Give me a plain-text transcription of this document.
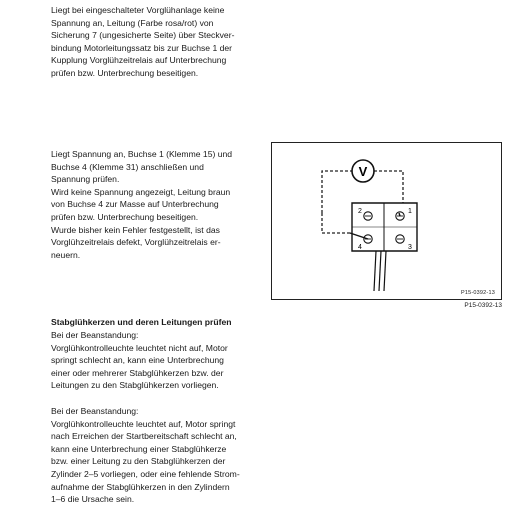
Liegt bei eingeschalteter Vorglühanlage keine
Spannung an, Leitung (Farbe rosa/rot) von
Sicherung 7 (ungesicherte Seite) über Steckver-
bindung Motorleitungssatz bis zur Buchse 1 der
Kupplung Vorglühzeitrelais auf Unterbrechung
prüfen bzw. Unterbrechung beseitigen.

Liegt Spannung an, Buchse 1 (Klemme 15) und
Buchse 4 (Klemme 31) anschließen und
Spannung prüfen.
Wird keine Spannung angezeigt, Leitung braun
von Buchse 4 zur Masse auf Unterbrechung
prüfen bzw. Unterbrechung beseitigen.
Wurde bisher kein Fehler festgestellt, ist das
Vorglühzeitrelais defekt, Vorglühzeitrelais er-
neuern.

Stabglühkerzen und deren Leitungen prüfen

Bei der Beanstandung:
Vorglühkontrolleuchte leuchtet nicht auf, Motor
springt schlecht an, kann eine Unterbrechung
einer oder mehrerer Stabglühkerzen bzw. der
Leitungen zu den Stabglühkerzen vorliegen.

Bei der Beanstandung:
Vorglühkontrolleuchte leuchtet auf, Motor springt
nach Erreichen der Startbereitschaft schlecht an,
kann eine Unterbrechung einer Stabglühkerze
bzw. einer Leitung zu den Stabglühkerzen der
Zylinder 2–5 vorliegen, oder eine fehlende Strom-
aufnahme der Stabglühkerzen in den Zylindern
1–6 die Ursache sein.

V
2	1
4	3
P15-0392-13
P15-0392-13
